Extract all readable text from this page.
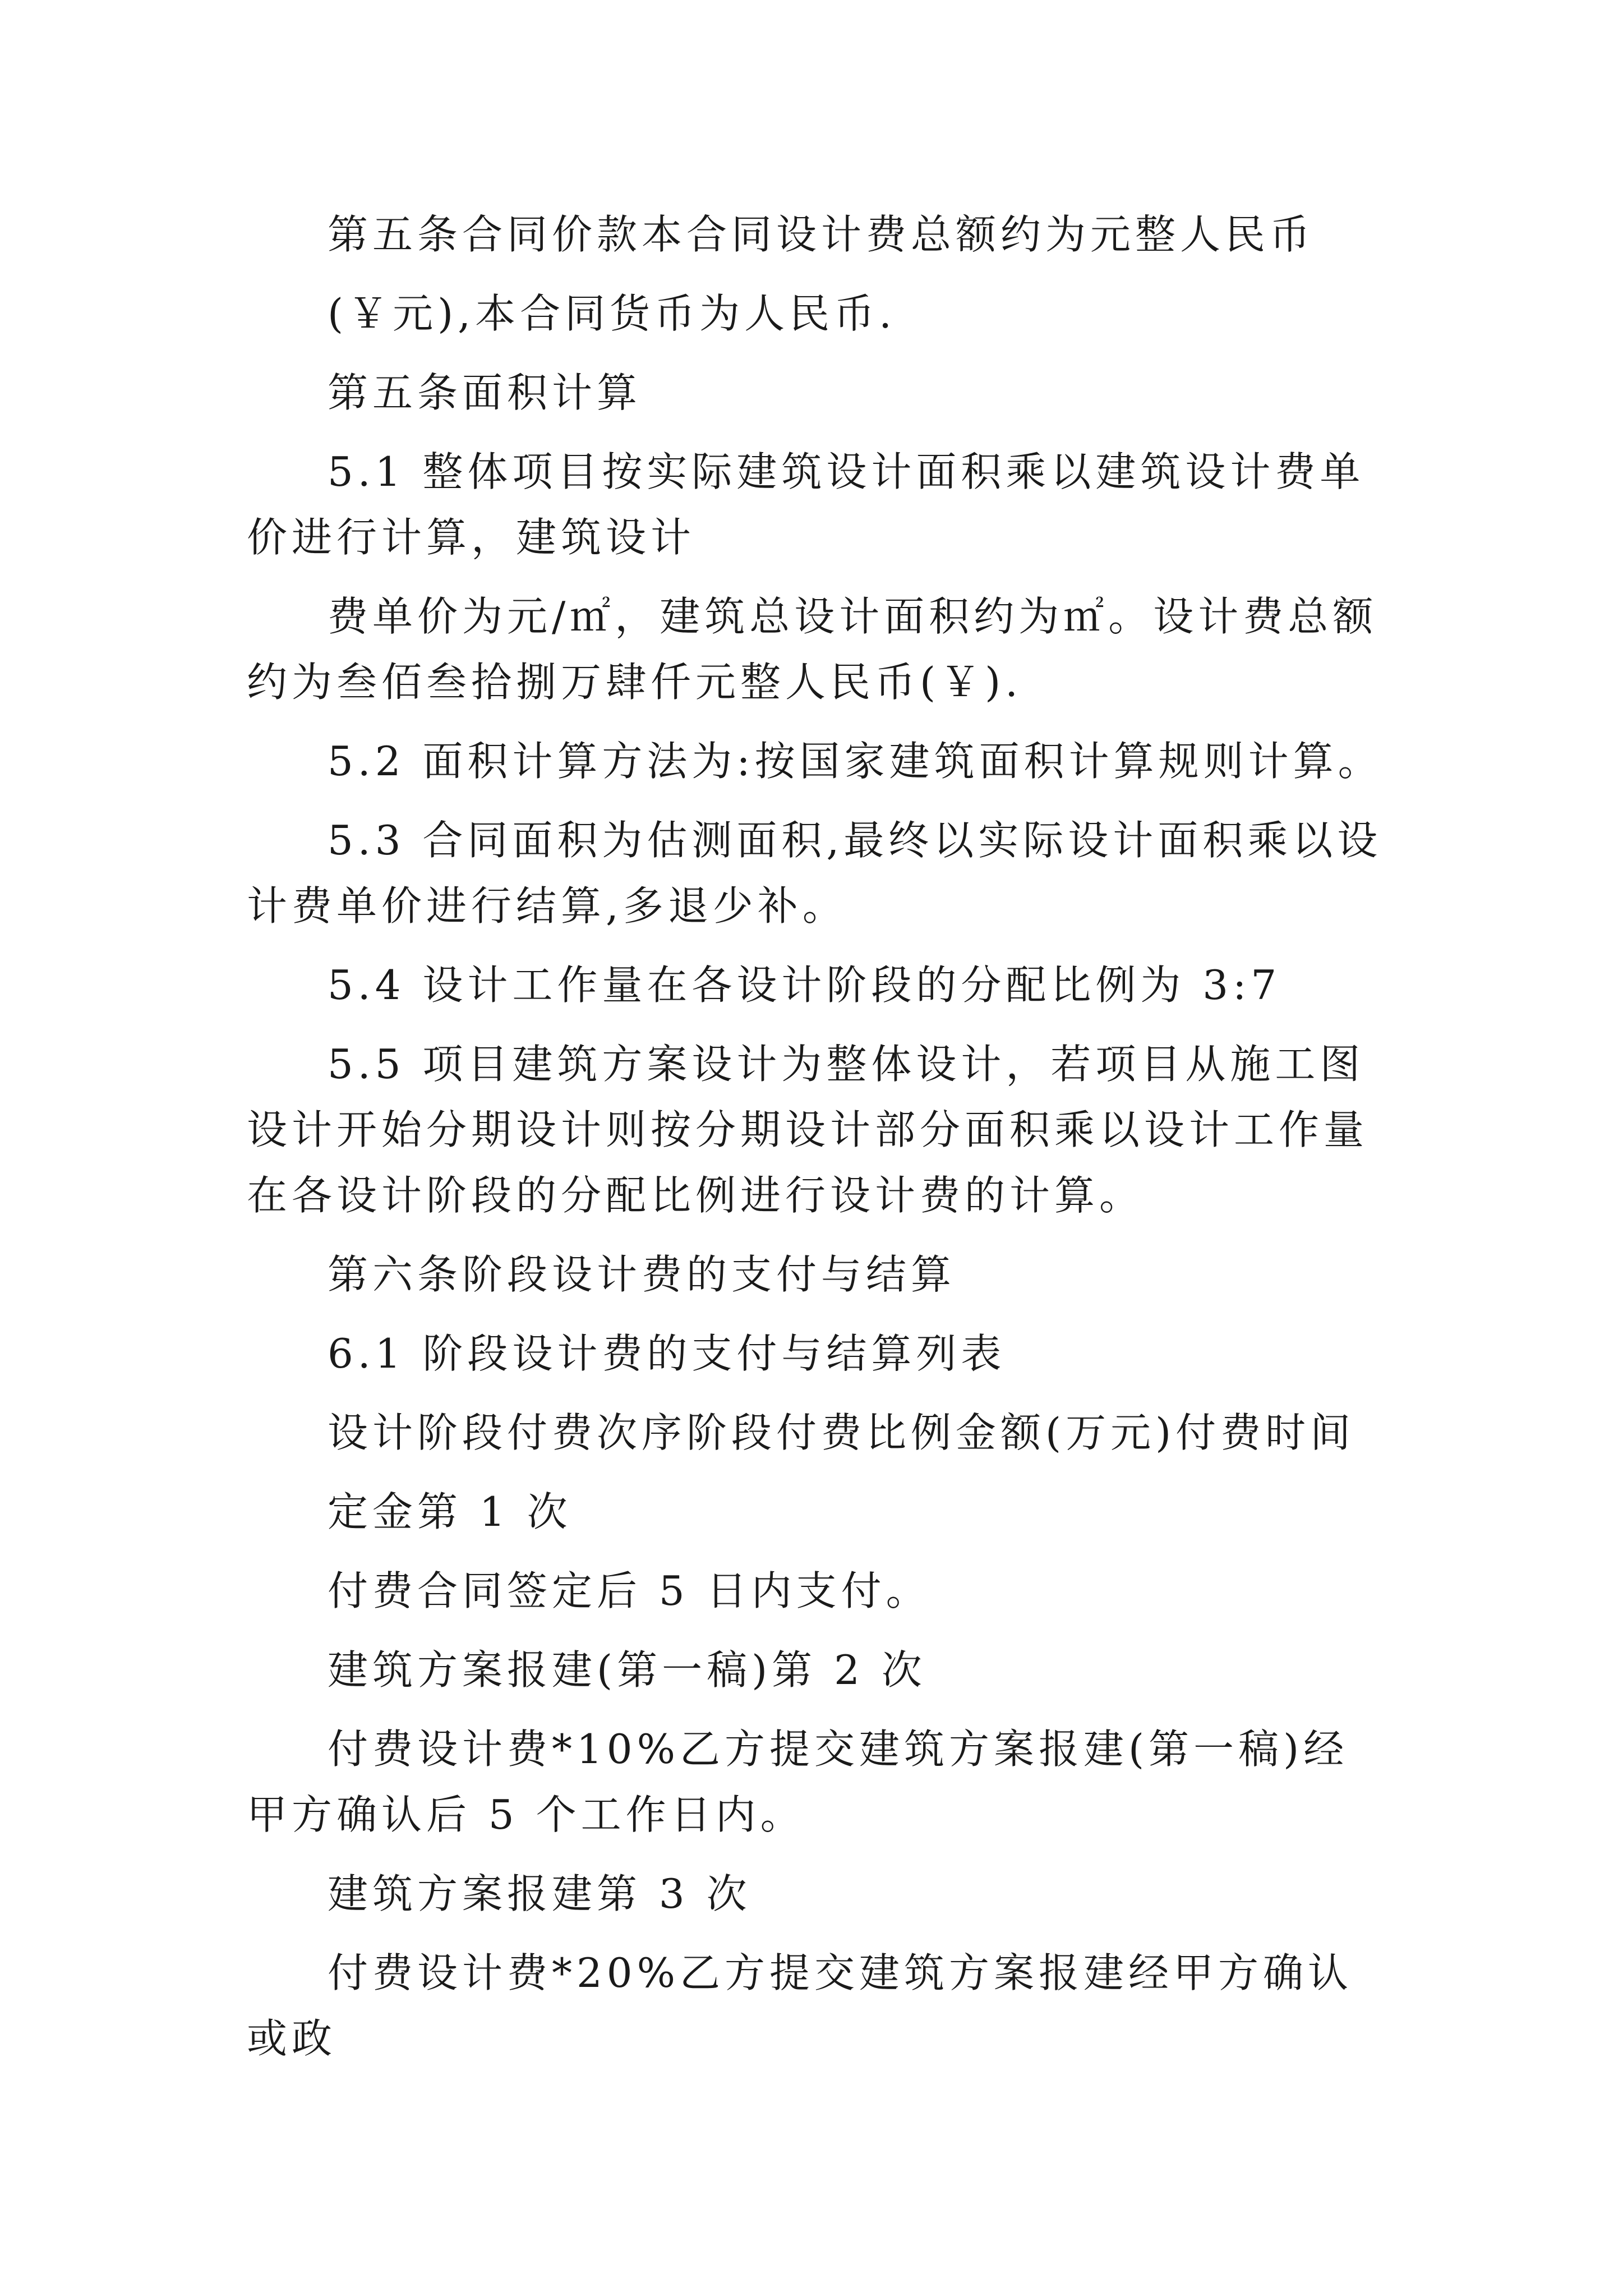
第五条合同价款本合同设计费总额约为元整人民币

(￥元),本合同货币为人民币.

第五条面积计算

5.1 整体项目按实际建筑设计面积乘以建筑设计费单价进行计算，建筑设计

费单价为元/㎡，建筑总设计面积约为㎡。设计费总额约为叁佰叁拾捌万肆仟元整人民币(￥).

5.2 面积计算方法为:按国家建筑面积计算规则计算。

5.3 合同面积为估测面积,最终以实际设计面积乘以设计费单价进行结算,多退少补。

5.4 设计工作量在各设计阶段的分配比例为 3:7

5.5 项目建筑方案设计为整体设计，若项目从施工图设计开始分期设计则按分期设计部分面积乘以设计工作量在各设计阶段的分配比例进行设计费的计算。

第六条阶段设计费的支付与结算

6.1 阶段设计费的支付与结算列表

设计阶段付费次序阶段付费比例金额(万元)付费时间

定金第 1 次

付费合同签定后 5 日内支付。

建筑方案报建(第一稿)第 2 次

付费设计费*10%乙方提交建筑方案报建(第一稿)经甲方确认后 5 个工作日内。

建筑方案报建第 3 次

付费设计费*20%乙方提交建筑方案报建经甲方确认或政
